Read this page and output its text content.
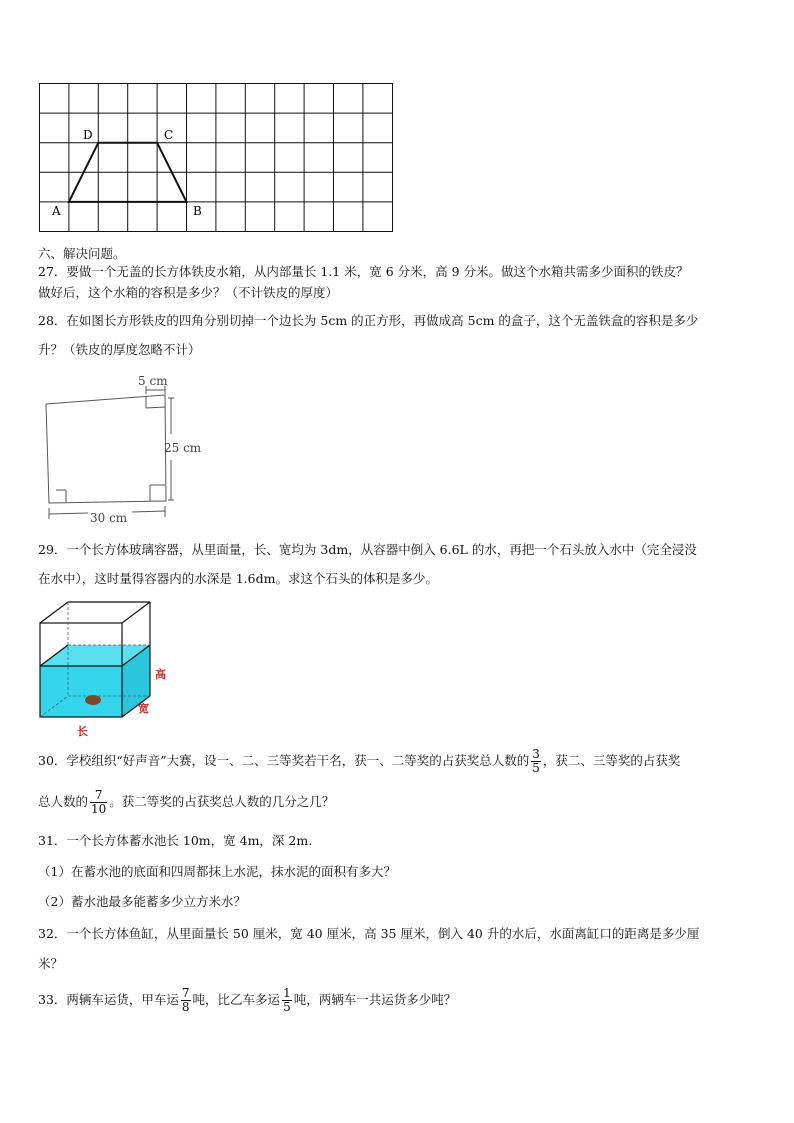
A	B
C
D
六、解决问题。
27．要做一个无盖的长方体铁皮水箱，从内部量长 1.1 米，宽 6 分米，高 9 分米。做这个水箱共需多少面积的铁皮？
做好后，这个水箱的容积是多少？（不计铁皮的厚度）
28．在如图长方形铁皮的四角分别切掉一个边长为 5cm 的正方形，再做成高 5cm 的盒子，这个无盖铁盒的容积是多少
升？（铁皮的厚度忽略不计）
5 cm
25 cm
30 cm
29．一个长方体玻璃容器，从里面量，长、宽均为 3dm，从容器中倒入 6.6L 的水，再把一个石头放入水中（完全浸没
在水中），这时量得容器内的水深是 1.6dm。求这个石头的体积是多少。
高
宽
长
30．学校组织“好声音”大赛，设一、二、三等奖若干名，获一、二等奖的占获奖总人数的 $\frac{3}{5}$ ，获二、三等奖的占获奖
总人数的 $\frac{7}{10}$ 。获二等奖的占获奖总人数的几分之几？
31．一个长方体蓄水池长 10m，宽 4m，深 2m.
（1）在蓄水池的底面和四周都抹上水泥，抹水泥的面积有多大？
（2）蓄水池最多能蓄多少立方米水？
32．一个长方体鱼缸，从里面量长 50 厘米，宽 40 厘米，高 35 厘米，倒入 40 升的水后，水面离缸口的距离是多少厘
米？
33．两辆车运货，甲车运 $\frac{7}{8}$ 吨，比乙车多运 $\frac{1}{5}$ 吨，两辆车一共运货多少吨？
